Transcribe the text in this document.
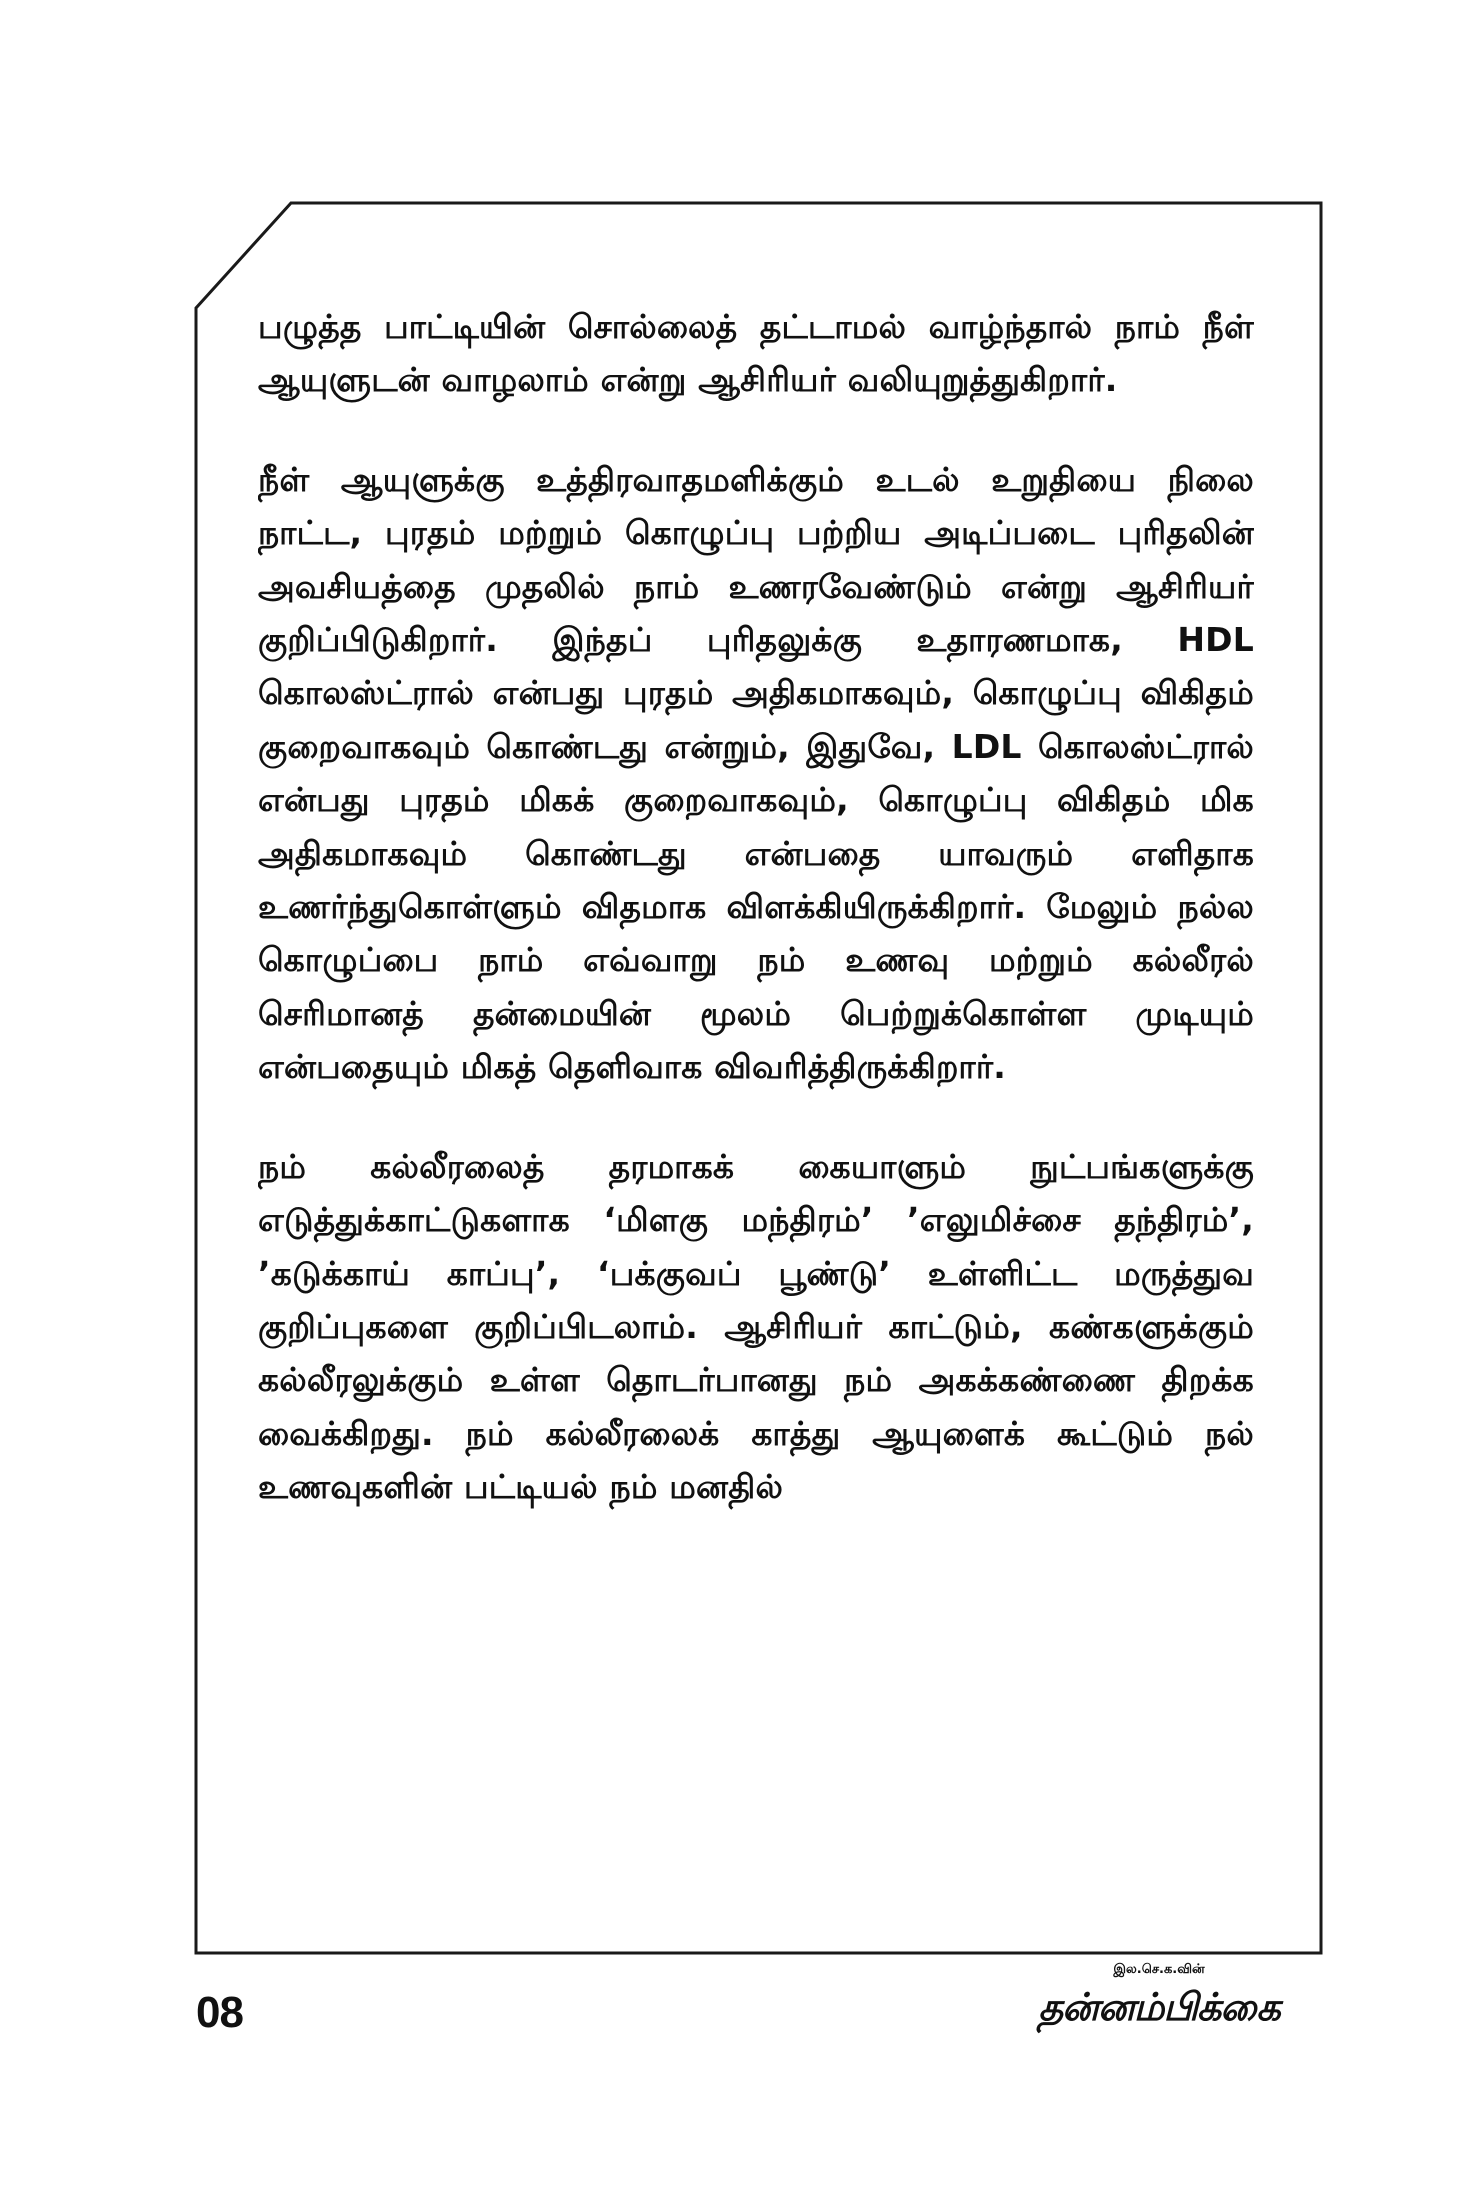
பழுத்த பாட்டியின் சொல்லைத் தட்டாமல் வாழ்ந்தால் நாம் நீள் ஆயுளுடன் வாழலாம் என்று ஆசிரியர் வலியுறுத்துகிறார்.

நீள் ஆயுளுக்கு உத்திரவாதமளிக்கும் உடல் உறுதியை நிலை நாட்ட, புரதம் மற்றும் கொழுப்பு பற்றிய அடிப்படை புரிதலின் அவசியத்தை முதலில் நாம் உணரவேண்டும் என்று ஆசிரியர் குறிப்பிடுகிறார். இந்தப் புரிதலுக்கு உதாரணமாக, HDL கொலஸ்ட்ரால் என்பது புரதம் அதிகமாகவும், கொழுப்பு விகிதம் குறைவாகவும் கொண்டது என்றும், இதுவே, LDL கொலஸ்ட்ரால் என்பது புரதம் மிகக் குறைவாகவும், கொழுப்பு விகிதம் மிக அதிகமாகவும் கொண்டது என்பதை யாவரும் எளிதாக உணர்ந்துகொள்ளும் விதமாக விளக்கியிருக்கிறார். மேலும் நல்ல கொழுப்பை நாம் எவ்வாறு நம் உணவு மற்றும் கல்லீரல் செரிமானத் தன்மையின் மூலம் பெற்றுக்கொள்ள முடியும் என்பதையும் மிகத் தெளிவாக விவரித்திருக்கிறார்.

நம் கல்லீரலைத் தரமாகக் கையாளும் நுட்பங்களுக்கு எடுத்துக்காட்டுகளாக ‘மிளகு மந்திரம்’ ’எலுமிச்சை தந்திரம்’, ’கடுக்காய் காப்பு’, ‘பக்குவப் பூண்டு’ உள்ளிட்ட மருத்துவ குறிப்புகளை குறிப்பிடலாம். ஆசிரியர் காட்டும், கண்களுக்கும் கல்லீரலுக்கும் உள்ள தொடர்பானது நம் அகக்கண்ணை திறக்க வைக்கிறது. நம் கல்லீரலைக் காத்து ஆயுளைக் கூட்டும் நல் உணவுகளின் பட்டியல் நம் மனதில்

08
இல.செ.க.வின்
தன்னம்பிக்கை
